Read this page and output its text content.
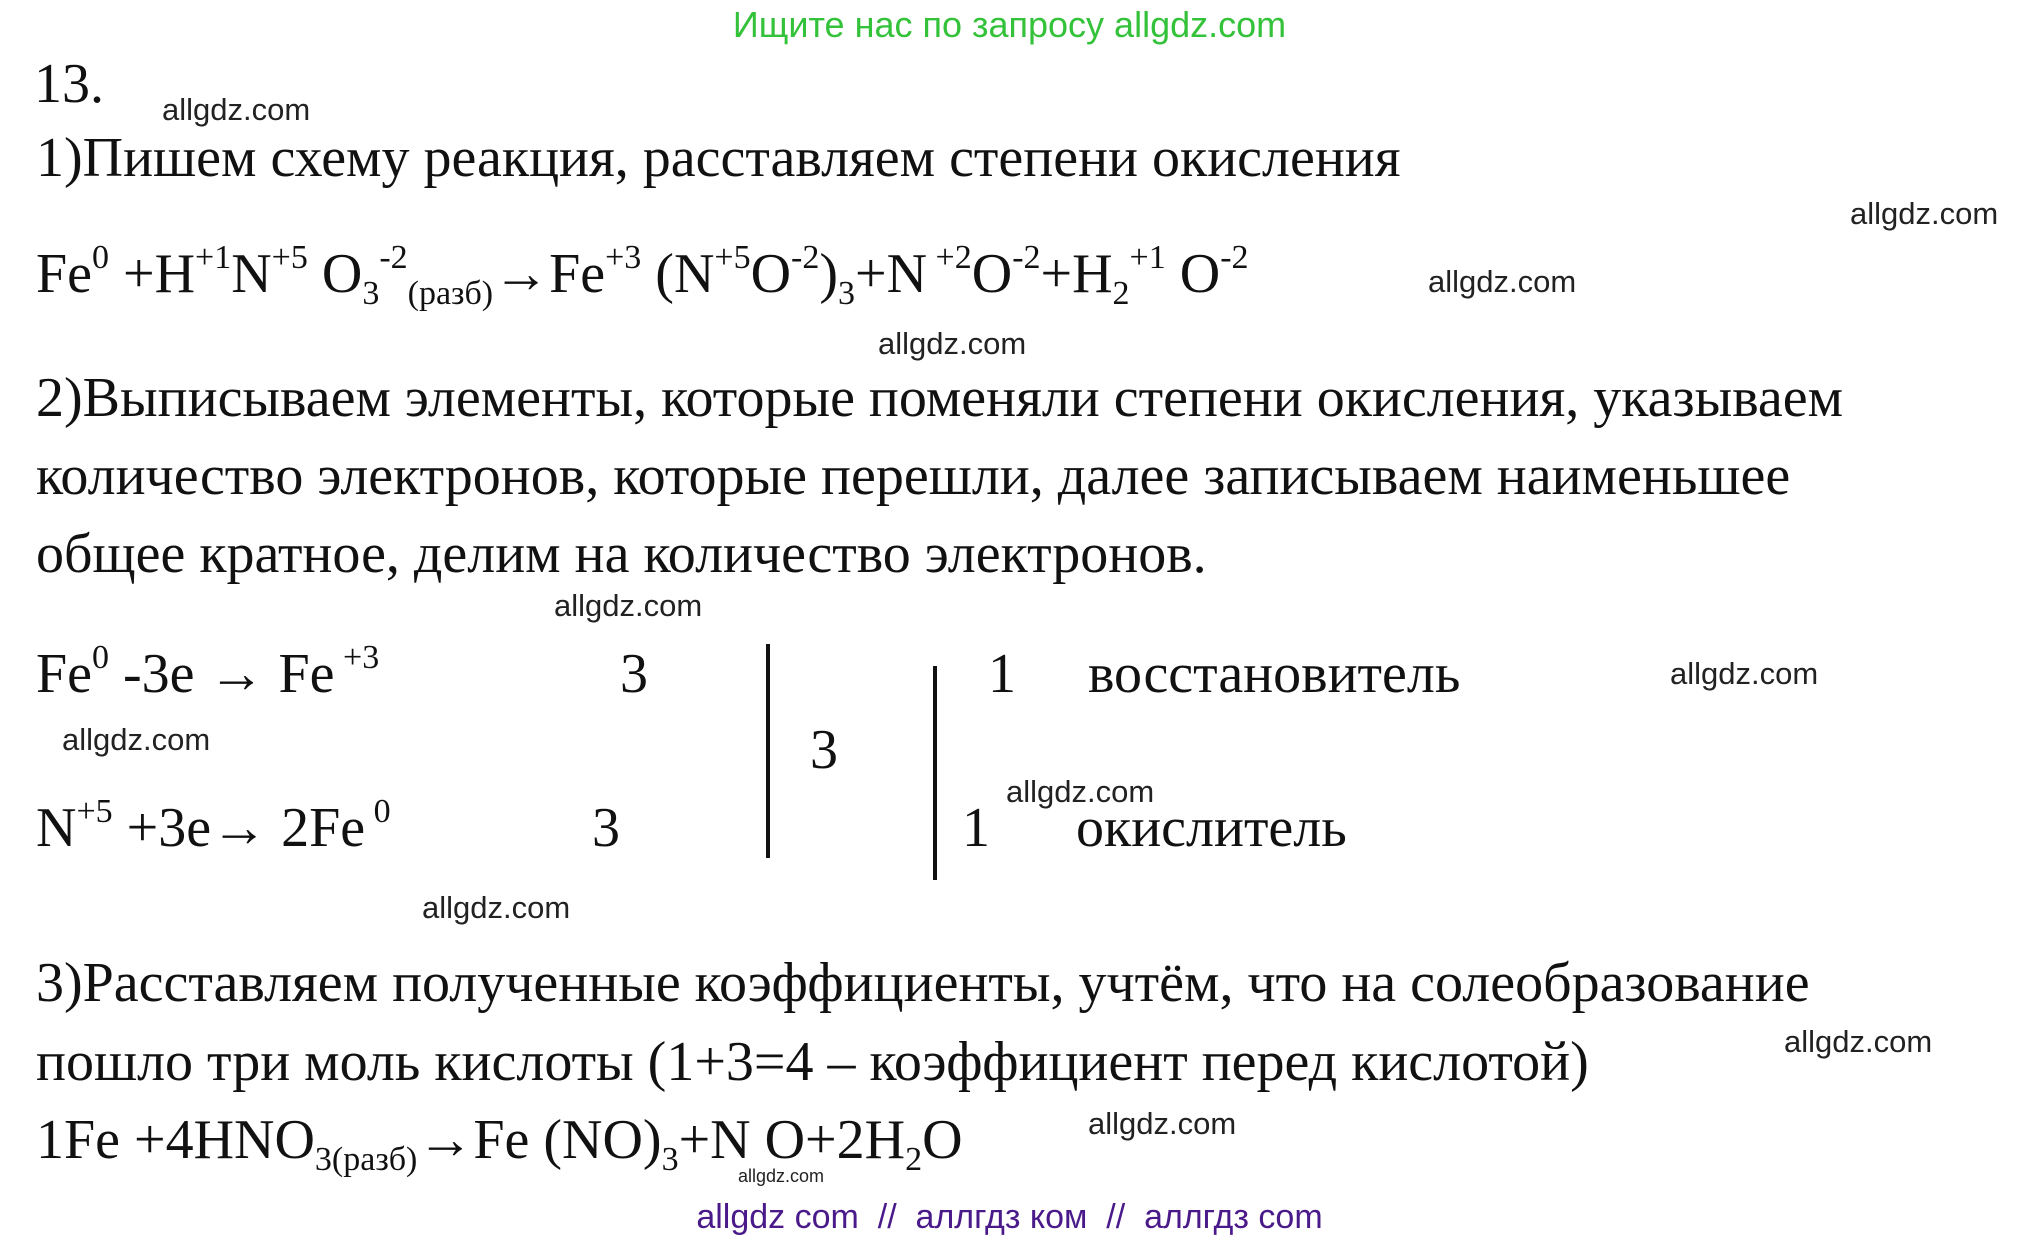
Ищите нас по запросу allgdz.com
13.
1)Пишем схему реакция, расставляем степени окисления
$Fe^0 +H^{+1}N^{+5}$ $O_3^{-2}_{(разб)}\to Fe^{+3}$ $(N^{+5}O^{-2})_3+N$ $^{+2}O^{-2}+H_2^{+1}$ $O^{-2}$
2)Выписываем элементы, которые поменяли степени окисления, указываем
количество электронов, которые перешли, далее записываем наименьшее
общее кратное, делим на количество электронов.
Fe$^0$ -3e → Fe $^{+3}$	3	1 восстановитель
3
$N^{+5} +3e\to 2Fe$ $^0$	3	1 окислитель
3)Расставляем полученные коэффициенты, учтём, что на солеобразование
пошло три моль кислоты (1+3=4 – коэффициент перед кислотой)
$1Fe +4HNO_{3(разб)}\to Fe$ $(NO)_3+N$ $O+2H_2O$
allgdz.com
allgdz.com
allgdz.com
allgdz.com
allgdz.com
allgdz.com
allgdz.com
allgdz.com
allgdz.com
allgdz.com
allgdz.com
allgdz.com
allgdz com  //  аллгдз ком  //  аллгдз com
